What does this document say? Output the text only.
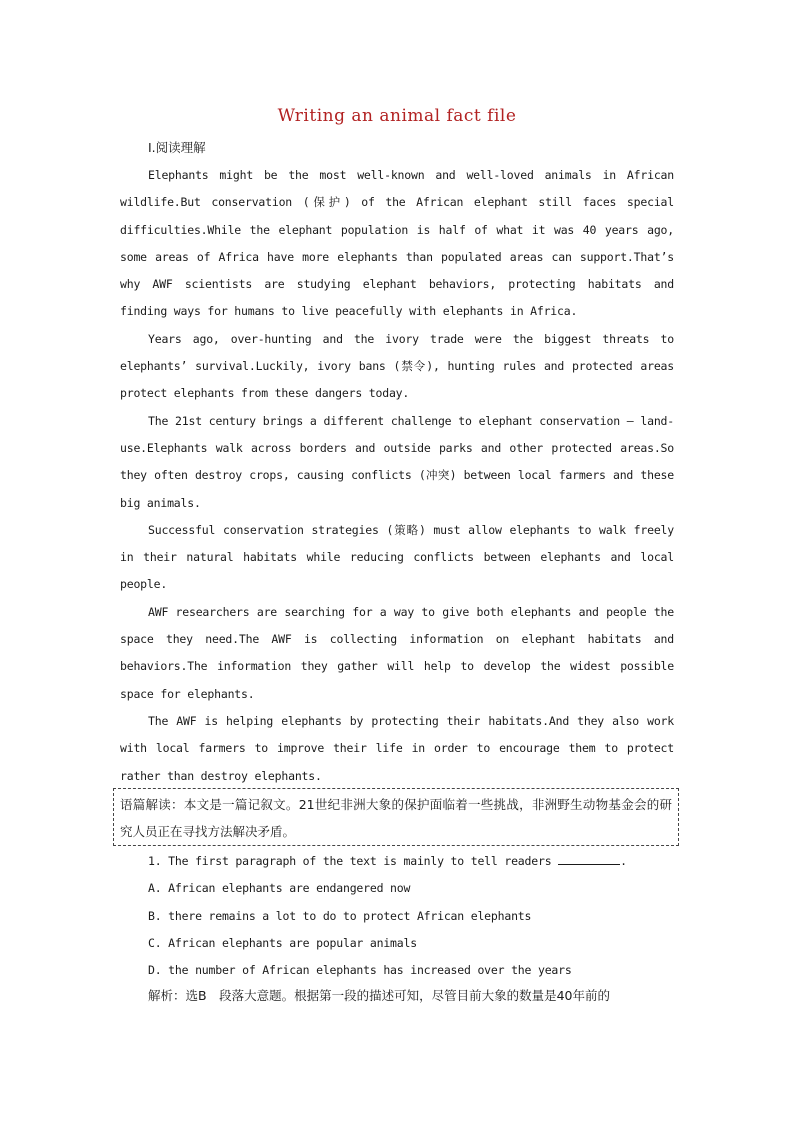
Writing an animal fact file
Ⅰ.阅读理解

Elephants might be the most well-known and well-loved animals in African wildlife.But conservation (保护) of the African elephant still faces special difficulties.While the elephant population is half of what it was 40 years ago, some areas of Africa have more elephants than populated areas can support.That’s why AWF scientists are studying elephant behaviors, protecting habitats and finding ways for humans to live peacefully with elephants in Africa.

Years ago, over-hunting and the ivory trade were the biggest threats to elephants’ survival.Luckily, ivory bans (禁令), hunting rules and protected areas protect elephants from these dangers today.

The 21st century brings a different challenge to elephant conservation — land-use.Elephants walk across borders and outside parks and other protected areas.So they often destroy crops, causing conflicts (冲突) between local farmers and these big animals.

Successful conservation strategies (策略) must allow elephants to walk freely in their natural habitats while reducing conflicts between elephants and local people.

AWF researchers are searching for a way to give both elephants and people the space they need.The AWF is collecting information on elephant habitats and behaviors.The information they gather will help to develop the widest possible space for elephants.

The AWF is helping elephants by protecting their habitats.And they also work with local farmers to improve their life in order to encourage them to protect rather than destroy elephants.

语篇解读：本文是一篇记叙文。21世纪非洲大象的保护面临着一些挑战，非洲野生动物基金会的研究人员正在寻找方法解决矛盾。

1. The first paragraph of the text is mainly to tell readers	.

A. African elephants are endangered now

B. there remains a lot to do to protect African elephants

C. African elephants are popular animals

D. the number of African elephants has increased over the years

解析：选B　段落大意题。根据第一段的描述可知，尽管目前大象的数量是40年前的
